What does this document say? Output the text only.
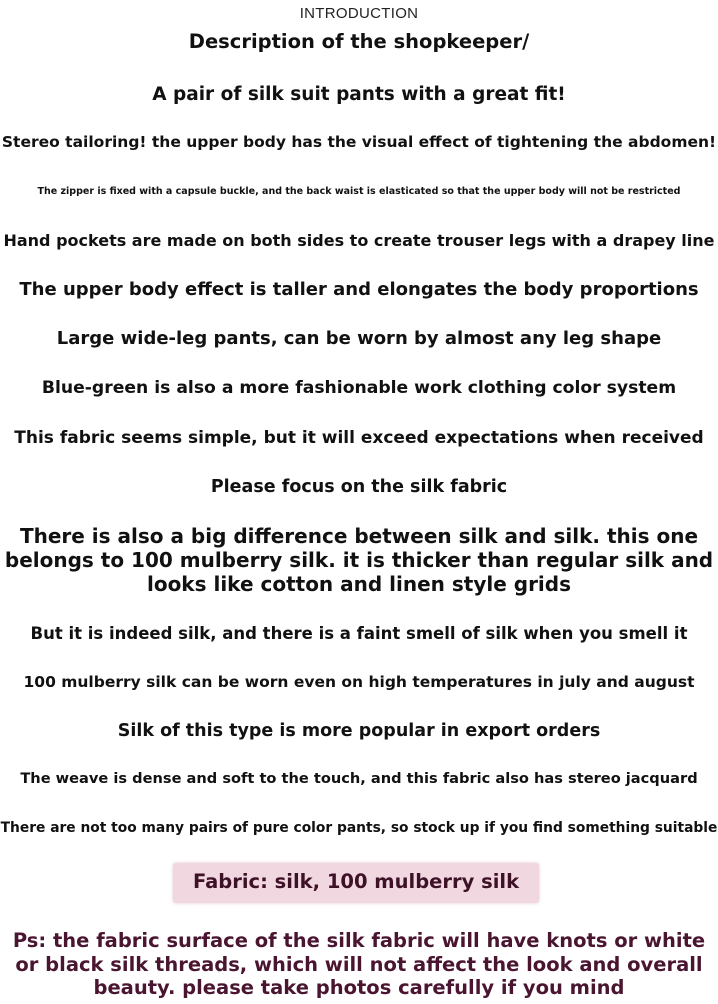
INTRODUCTION
Description of the shopkeeper/
A pair of silk suit pants with a great fit!
Stereo tailoring! the upper body has the visual effect of tightening the abdomen!
The zipper is fixed with a capsule buckle, and the back waist is elasticated so that the upper body will not be restricted
Hand pockets are made on both sides to create trouser legs with a drapey line
The upper body effect is taller and elongates the body proportions
Large wide-leg pants, can be worn by almost any leg shape
Blue-green is also a more fashionable work clothing color system
This fabric seems simple, but it will exceed expectations when received
Please focus on the silk fabric
There is also a big difference between silk and silk. this one belongs to 100 mulberry silk. it is thicker than regular silk and looks like cotton and linen style grids
But it is indeed silk, and there is a faint smell of silk when you smell it
100 mulberry silk can be worn even on high temperatures in july and august
Silk of this type is more popular in export orders
The weave is dense and soft to the touch, and this fabric also has stereo jacquard
There are not too many pairs of pure color pants, so stock up if you find something suitable
Fabric: silk, 100 mulberry silk
Ps: the fabric surface of the silk fabric will have knots or white or black silk threads, which will not affect the look and overall beauty. please take photos carefully if you mind
